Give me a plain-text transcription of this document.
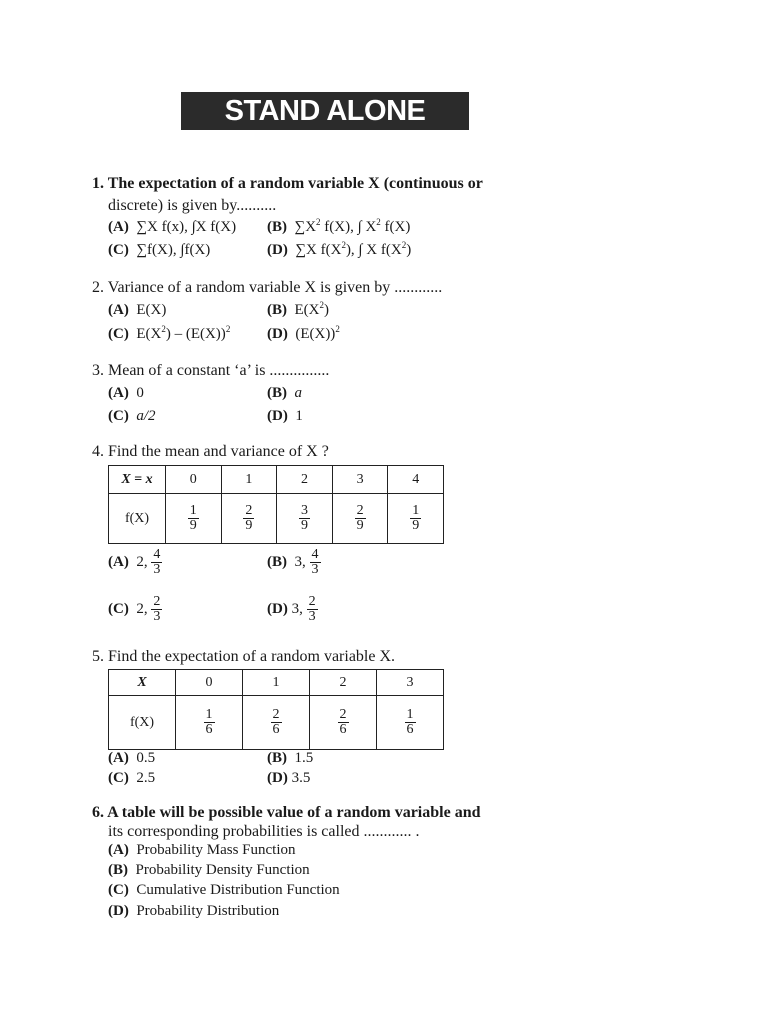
STAND ALONE MCQs
1. The expectation of a random variable X (continuous or
discrete) is given by..........
(A) ∑X f(x), ∫X f(X) (B) $\sum X^2$ f(X), ∫ $X^2$ f(X)
(C) ∑f(X), ∫f(X)	(D) ∑X $f(X^2)$, ∫ X $f(X^2)$
2. Variance of a random variable X is given by ............
(A) E(X)	(B) $E(X^2)$
(C) $E(X^2) - (E(X))^2$ (D) $(E(X))^2$
3. Mean of a constant ‘a’ is ...............
(A) 0	(B) a
(C) a/2	(D) 1
4. Find the mean and variance of X ?
X = x	0	1	2	3	4
f(X)	$\frac{1}{9}$	$\frac{2}{9}$	$\frac{3}{9}$	$\frac{2}{9}$	$\frac{1}{9}$
(A) 2, $\frac{4}{3}$	(B) 3, $\frac{4}{3}$
(C) 2, $\frac{2}{3}$	(D) 3, $\frac{2}{3}$
5. Find the expectation of a random variable X.
X	0	1	2	3
f(X)	$\frac{1}{6}$	$\frac{2}{6}$	$\frac{2}{6}$	$\frac{1}{6}$
(A) 0.5	(B) 1.5
(C) 2.5	(D) 3.5
6. A table will be possible value of a random variable and
its corresponding probabilities is called ............ .
(A) Probability Mass Function
(B) Probability Density Function
(C) Cumulative Distribution Function
(D) Probability Distribution
